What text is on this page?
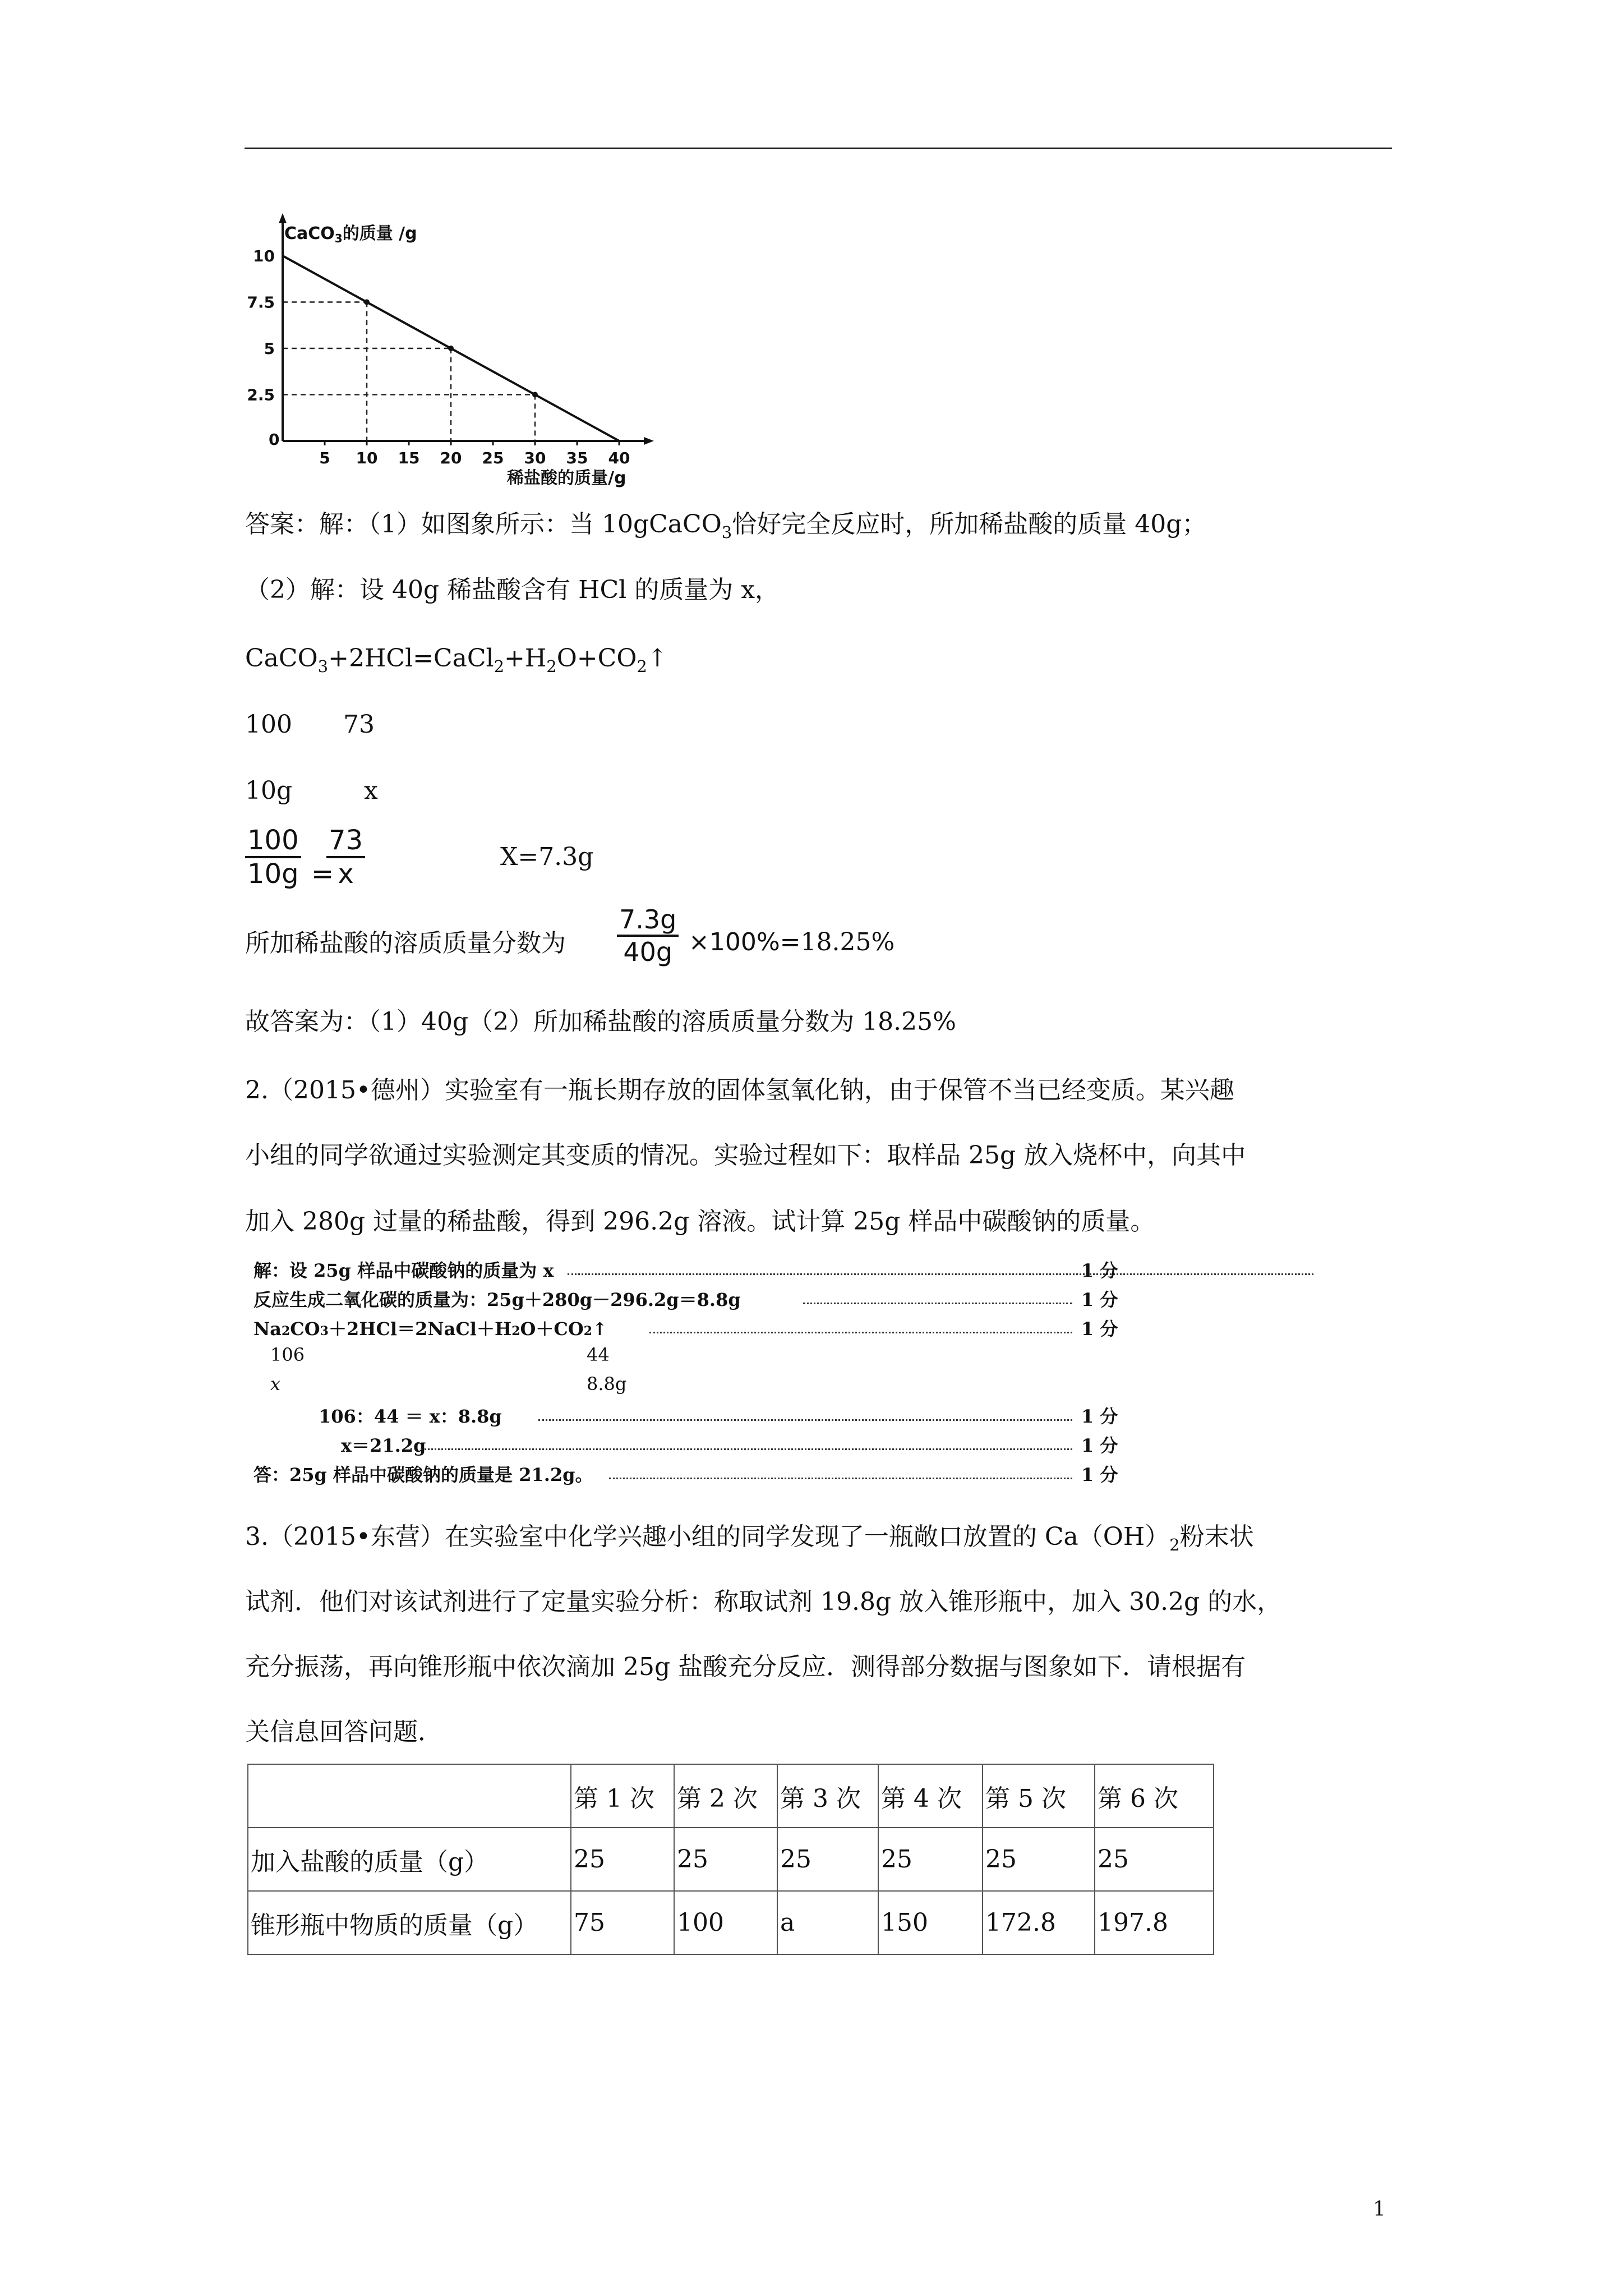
CaCO$_3$的质量 /g
5 10 15 20 25 30 35 40
10
7.5
5
2.5
0
稀盐酸的质量/g
答案：解：（1）如图象所示：当 10gCaCO$_3$恰好完全反应时，所加稀盐酸的质量 40g；
（2）解：设 40g 稀盐酸含有 HCl 的质量为 x，
$CaCO_3+2HCl=CaCl_2+H_2O+CO_2↑$
100 73
10g	x
$\frac{100}{10g}$ =
$\frac{73}{x}$	X=7.3g
所加稀盐酸的溶质质量分数为 $\frac{7.3g}{40g} \times 100\%=18.25\%$
故答案为：（1）40g（2）所加稀盐酸的溶质质量分数为 18.25%
2.（2015•德州）实验室有一瓶长期存放的固体氢氧化钠，由于保管不当已经变质。某兴趣
小组的同学欲通过实验测定其变质的情况。实验过程如下：取样品 25g 放入烧杯中，向其中
加入 280g 过量的稀盐酸，得到 296.2g 溶液。试计算 25g 样品中碳酸钠的质量。
解：设 25g 样品中碳酸钠的质量为 x	1 分
反应生成二氧化碳的质量为：25g＋280g－296.2g＝8.8g	1 分
Na2CO3＋2HCl＝2NaCl＋H2O＋CO2↑	1 分
106	44
x	8.8g
106：44 ＝ x：8.8g	1 分
x＝21.2g	1 分
答：25g 样品中碳酸钠的质量是 21.2g。	1 分
3.（2015•东营）在实验室中化学兴趣小组的同学发现了一瓶敞口放置的 $Ca(OH)_2$粉末状
试剂．他们对该试剂进行了定量实验分析：称取试剂 19.8g 放入锥形瓶中，加入 30.2g 的水，
充分振荡，再向锥形瓶中依次滴加 25g 盐酸充分反应．测得部分数据与图象如下．请根据有
关信息回答问题．
	第 1 次	第 2 次	第 3 次	第 4 次	第 5 次	第 6 次
加入盐酸的质量（g）	25	25	25	25	25	25
锥形瓶中物质的质量（g）	75	100	a	150	172.8	197.8
1
